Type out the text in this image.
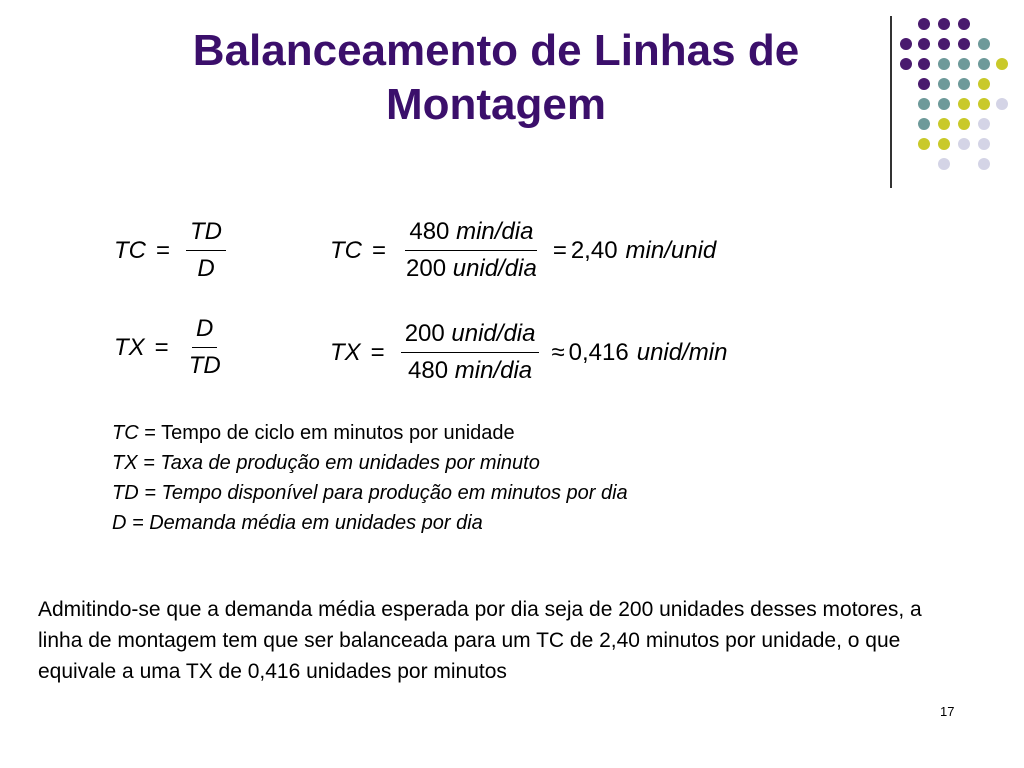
Balanceamento de Linhas de Montagem
TC = $\frac{TD}{D}$	TC = $\frac{\text{480 min/dia}}{\text{200 unid/dia}} = 2,40$ min/unid
TX = $\frac{D}{TD}$	TX = $\frac{\text{200 unid/dia}}{\text{480 min/dia}} \approx 0,416$ unid/min
TC = Tempo de ciclo em minutos por unidade
TX = Taxa de produção em unidades por minuto
TD = Tempo disponível para produção em minutos por dia
D = Demanda média em unidades por dia
Admitindo-se que a demanda média esperada por dia seja de 200 unidades desses motores, a linha de montagem tem que ser balanceada para um TC de 2,40 minutos por unidade, o que equivale a uma TX de 0,416 unidades por minutos
17
